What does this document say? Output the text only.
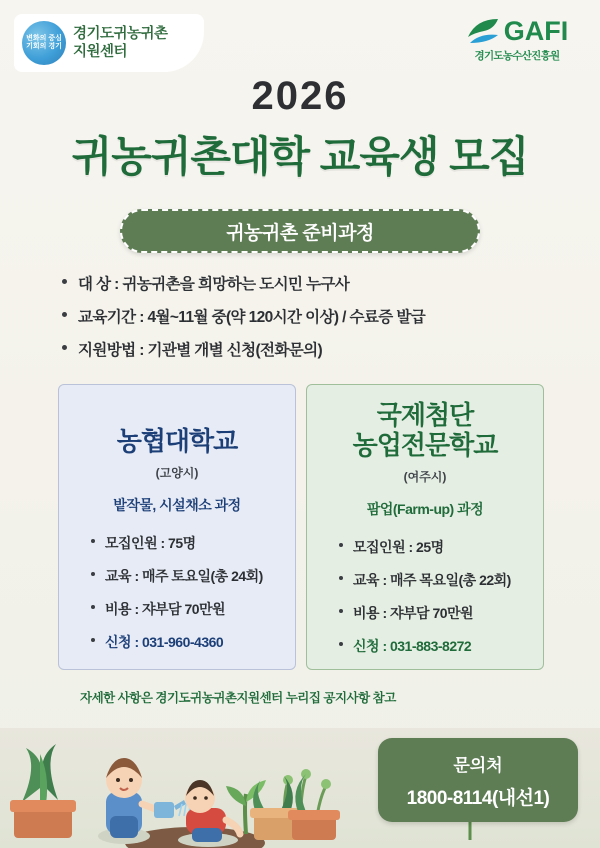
변화의 중심
기회의 경기
경기도귀농귀촌
지원센터
GAFI
경기도농수산진흥원
2026
귀농귀촌대학 교육생 모집
귀농귀촌 준비과정
대 상 : 귀농귀촌을 희망하는 도시민 누구사
교육기간 : 4월~11월 중(약 120시간 이상) / 수료증 발급
지원방법 : 기관별 개별 신청(전화문의)
농협대학교
(고양시)
밭작물, 시설채소 과정
모집인원 : 75명
교육 : 매주 토요일(총 24회)
비용 : 쟈부담 70만원
신청 : 031-960-4360
국제첨단
농업전문학교
(여주시)
팜업(Farm-up) 과정
모집인원 : 25명
교육 : 매주 목요일(총 22회)
비용 : 쟈부담 70만원
신청 : 031-883-8272
자세한 사항은 경기도귀농귀촌지원센터 누리집 공지사항 참고
문의처
1800-8114(내선1)
